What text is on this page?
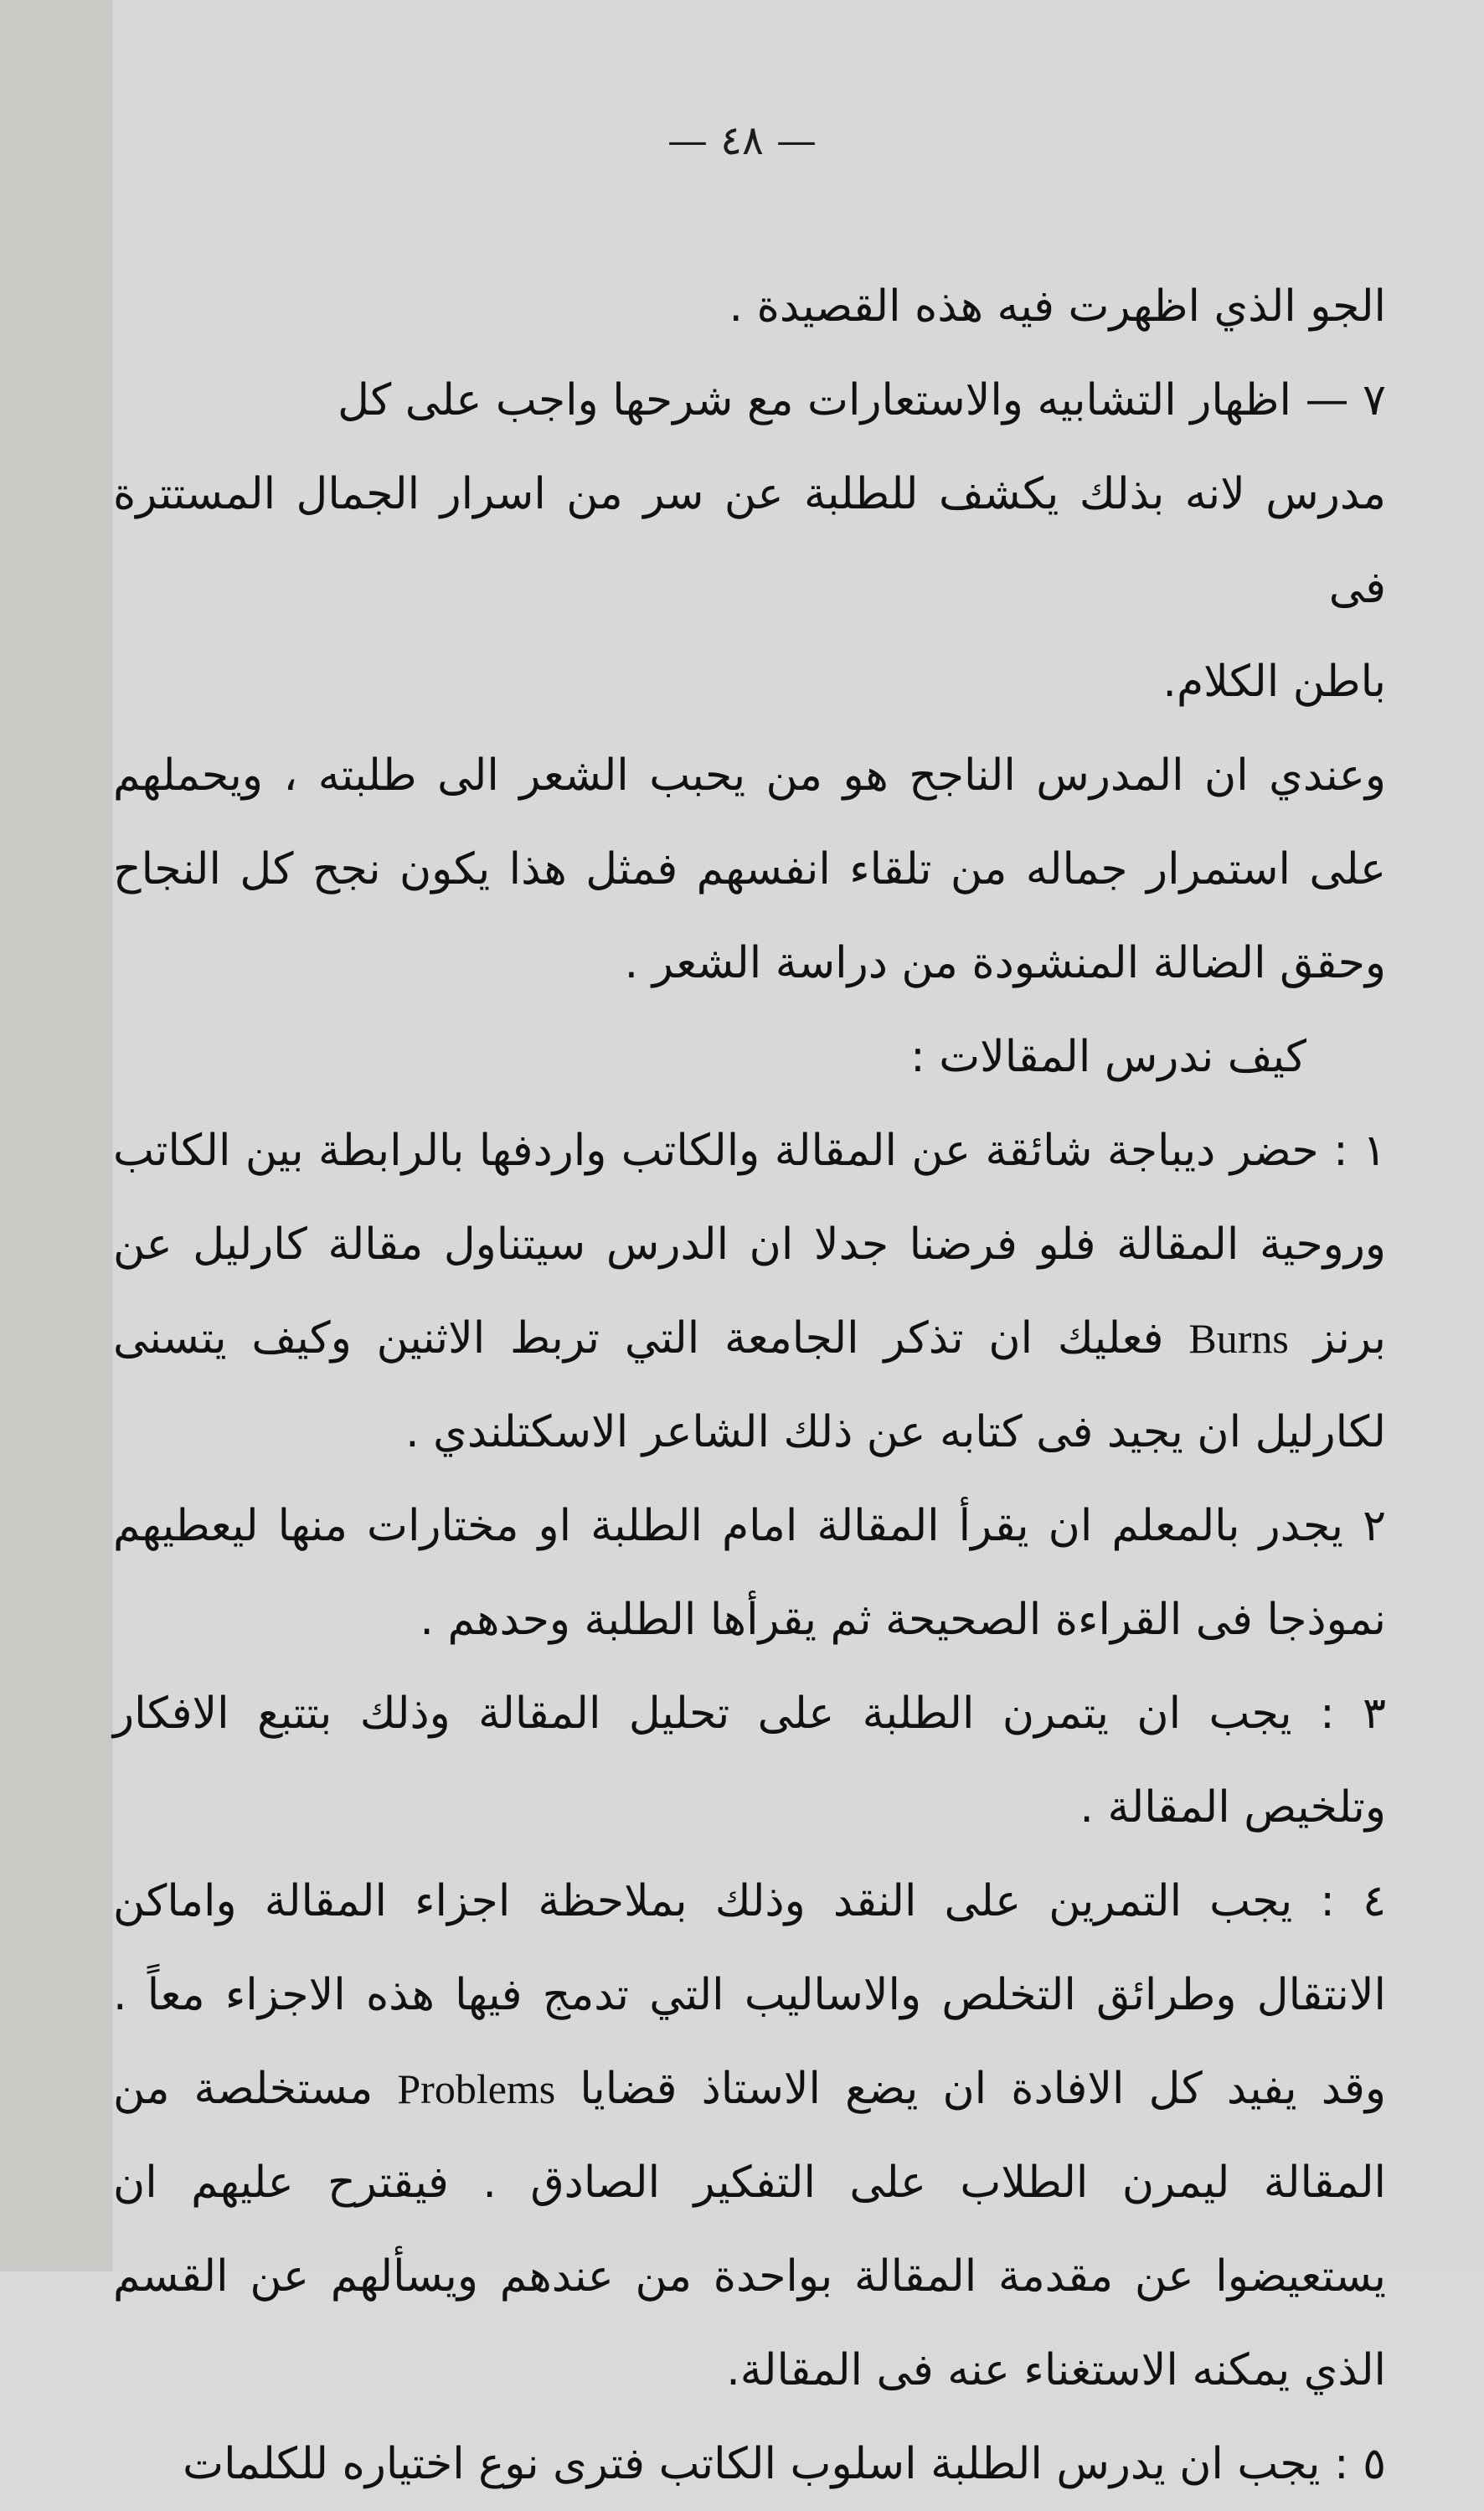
— ٤٨ —

الجو الذي اظهرت فيه هذه القصيدة .

٧ — اظهار التشابيه والاستعارات مع شرحها واجب على كل

مدرس لانه بذلك يكشف للطلبة عن سر من اسرار الجمال المستترة فى

باطن الكلام.

وعندي ان المدرس الناجح هو من يحبب الشعر الى طلبته ، ويحملهم على استمرار جماله من تلقاء انفسهم فمثل هذا يكون نجح كل النجاح وحقق الضالة المنشودة من دراسة الشعر .

كيف ندرس المقالات :

١ : حضر ديباجة شائقة عن المقالة والكاتب واردفها بالرابطة بين الكاتب وروحية المقالة فلو فرضنا جدلا ان الدرس سيتناول مقالة كارليل عن برنز Burns فعليك ان تذكر الجامعة التي تربط الاثنين وكيف يتسنى لكارليل ان يجيد فى كتابه عن ذلك الشاعر الاسكتلندي .

٢ يجدر بالمعلم ان يقرأ المقالة امام الطلبة او مختارات منها ليعطيهم نموذجا فى القراءة الصحيحة ثم يقرأها الطلبة وحدهم .

٣ : يجب ان يتمرن الطلبة على تحليل المقالة وذلك بتتبع الافكار وتلخيص المقالة .

٤ : يجب التمرين على النقد وذلك بملاحظة اجزاء المقالة واماكن الانتقال وطرائق التخلص والاساليب التي تدمج فيها هذه الاجزاء معاً . وقد يفيد كل الافادة ان يضع الاستاذ قضايا Problems مستخلصة من المقالة ليمرن الطلاب على التفكير الصادق . فيقترح عليهم ان يستعيضوا عن مقدمة المقالة بواحدة من عندهم ويسألهم عن القسم الذي يمكنه الاستغناء عنه فى المقالة.

٥ : يجب ان يدرس الطلبة اسلوب الكاتب فترى نوع اختياره للكلمات
